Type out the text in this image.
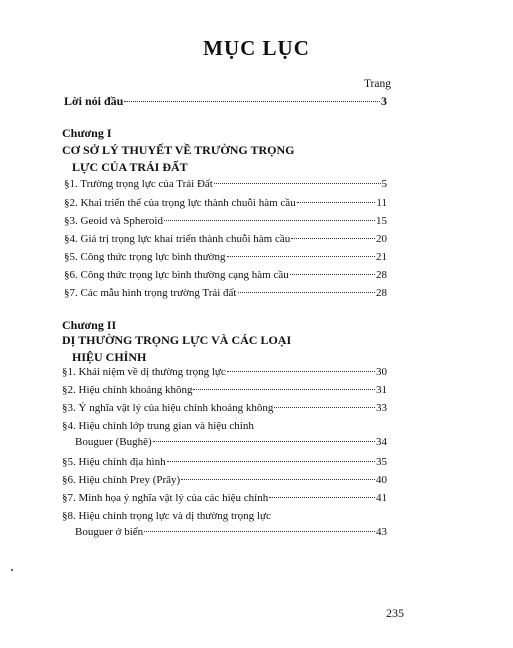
MỤC LỤC
Trang
Lời nói đầu	3
Chương I
CƠ SỞ LÝ THUYẾT VỀ TRƯỜNG TRỌNG
LỰC CỦA TRÁI ĐẤT
§1. Trường trọng lực của Trái Đất	5
§2. Khai triển thế của trọng lực thành chuỗi hàm cầu	11
§3. Geoid và Spheroid	15
§4. Giá trị trọng lực khai triển thành chuỗi hàm cầu	20
§5. Công thức trọng lực bình thường	21
§6. Công thức trọng lực bình thường cạng hàm cầu	28
§7. Các mẫu hình trọng trường Trái đất	28
Chương II
DỊ THƯỜNG TRỌNG LỰC VÀ CÁC LOẠI
HIỆU CHỈNH
§1. Khái niệm về dị thường trọng lực	30
§2. Hiệu chỉnh khoảng không	31
§3. Ý nghĩa vật lý của hiệu chỉnh khoảng không	33
§4. Hiệu chỉnh lớp trung gian và hiệu chỉnh
Bouguer (Bughê)	34
§5. Hiệu chỉnh địa hình	35
§6. Hiệu chỉnh Prey (Prây)	40
§7. Minh họa ý nghĩa vật lý của các hiệu chỉnh	41
§8. Hiệu chỉnh trọng lực và dị thường trọng lực
Bouguer ở biển	43
235
